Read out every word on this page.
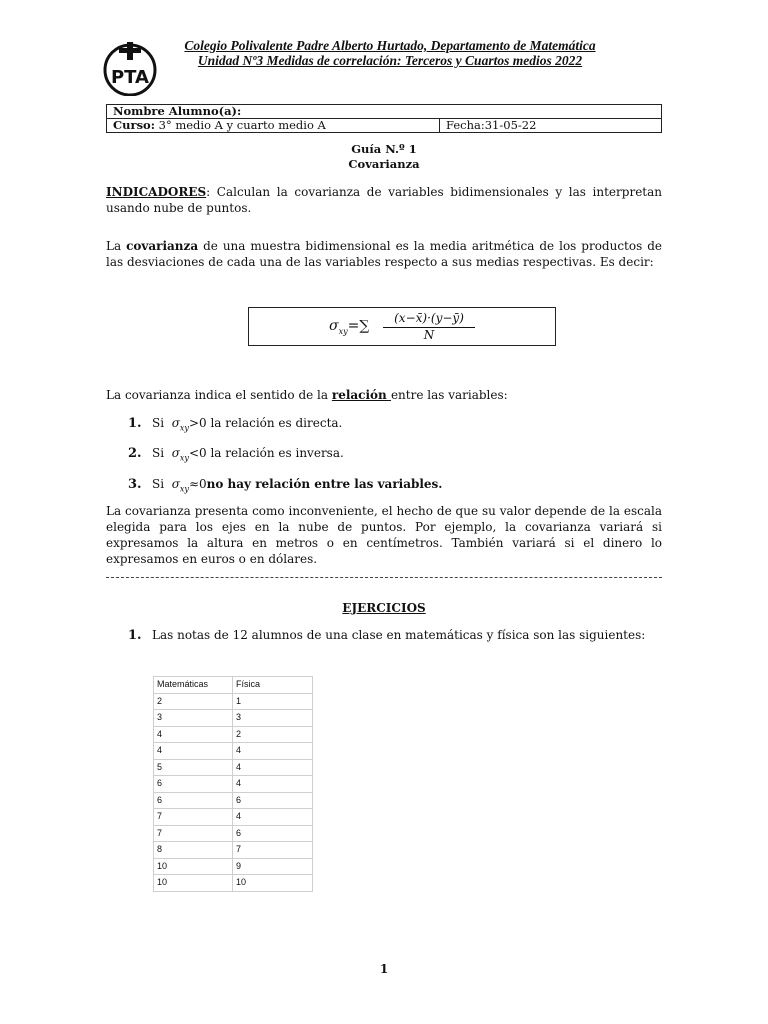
PTA
Colegio Polivalente Padre Alberto Hurtado, Departamento de Matemática
Unidad Nº3 Medidas de correlación: Terceros y Cuartos medios 2022
Nombre Alumno(a):
Curso: 3° medio A y cuarto medio A	Fecha:31-05-22
Guía N.º 1
Covarianza
INDICADORES: Calculan la covarianza de variables bidimensionales y las interpretan usando nube de puntos.
La covarianza de una muestra bidimensional es la media aritmética de los productos de las desviaciones de cada una de las variables respecto a sus medias respectivas. Es decir:
$\sigma_{xy}=\sum$	(x−x̄)·(y−ȳ)
N
La covarianza indica el sentido de la relación entre las variables:
1. Si $\sigma_{xy}>0$ la relación es directa.
2. Si $\sigma_{xy}<0$ la relación es inversa.
3. Si $\sigma_{xy}\approx 0no$ hay relación entre las variables.
La covarianza presenta como inconveniente, el hecho de que su valor depende de la escala elegida para los ejes en la nube de puntos. Por ejemplo, la covarianza variará si expresamos la altura en metros o en centímetros. También variará si el dinero lo expresamos en euros o en dólares.
EJERCICIOS
1. Las notas de 12 alumnos de una clase en matemáticas y física son las siguientes:
Matemáticas	Física
2	1
3	3
4	2
4	4
5	4
6	4
6	6
7	4
7	6
8	7
10	9
10	10
1
